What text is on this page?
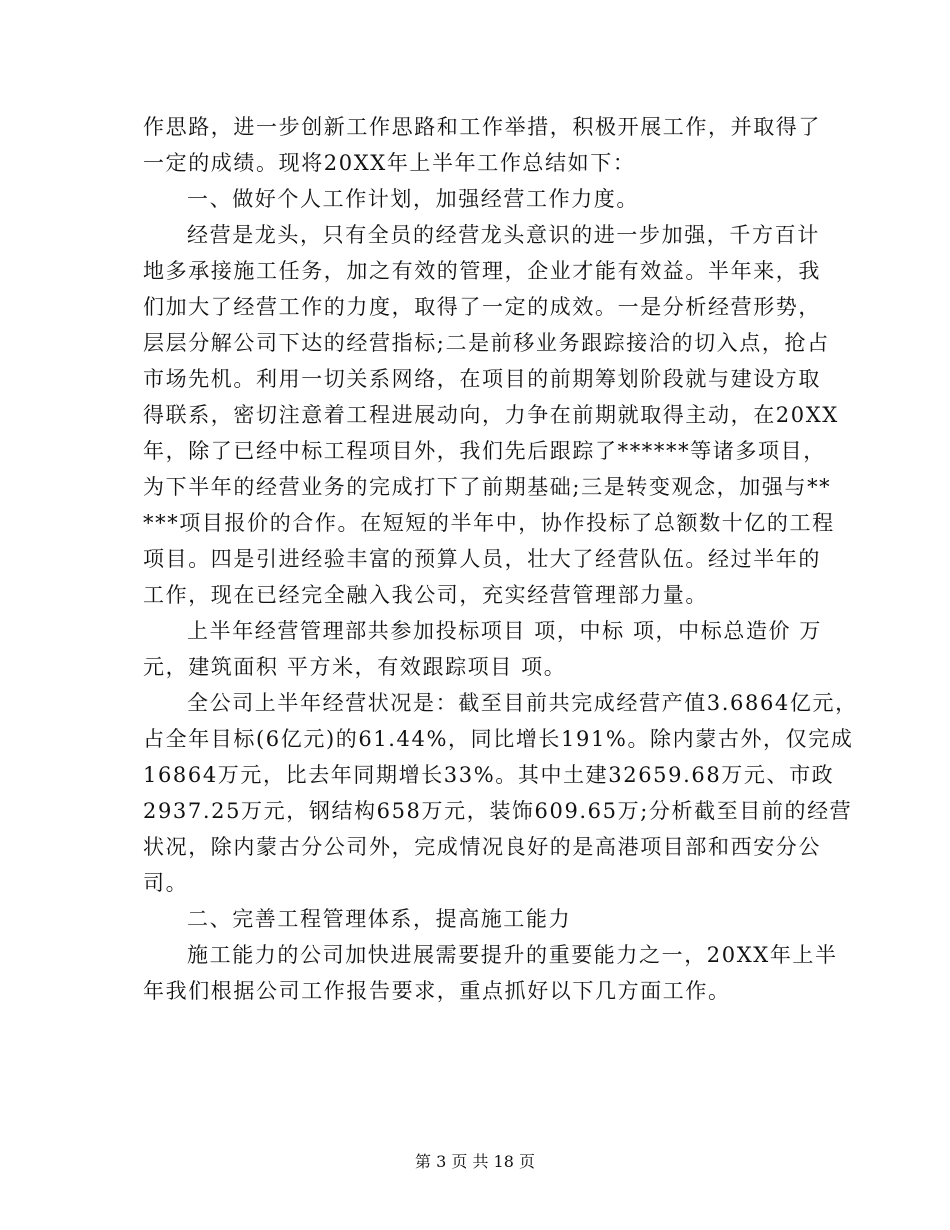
作思路，进一步创新工作思路和工作举措，积极开展工作，并取得了
一定的成绩。现将20XX年上半年工作总结如下：
一、做好个人工作计划，加强经营工作力度。
经营是龙头，只有全员的经营龙头意识的进一步加强，千方百计
地多承接施工任务，加之有效的管理，企业才能有效益。半年来，我
们加大了经营工作的力度，取得了一定的成效。一是分析经营形势，
层层分解公司下达的经营指标;二是前移业务跟踪接洽的切入点，抢占
市场先机。利用一切关系网络，在项目的前期筹划阶段就与建设方取
得联系，密切注意着工程进展动向，力争在前期就取得主动，在20XX
年，除了已经中标工程项目外，我们先后跟踪了******等诸多项目，
为下半年的经营业务的完成打下了前期基础;三是转变观念，加强与**
***项目报价的合作。在短短的半年中，协作投标了总额数十亿的工程
项目。四是引进经验丰富的预算人员，壮大了经营队伍。经过半年的
工作，现在已经完全融入我公司，充实经营管理部力量。
上半年经营管理部共参加投标项目 项，中标 项，中标总造价 万
元，建筑面积 平方米，有效跟踪项目 项。
全公司上半年经营状况是：截至目前共完成经营产值3.6864亿元，
占全年目标(6亿元)的61.44%，同比增长191%。除内蒙古外，仅完成
16864万元，比去年同期增长33%。其中土建32659.68万元、市政
2937.25万元，钢结构658万元，装饰609.65万;分析截至目前的经营
状况，除内蒙古分公司外，完成情况良好的是高港项目部和西安分公
司。
二、完善工程管理体系，提高施工能力
施工能力的公司加快进展需要提升的重要能力之一，20XX年上半
年我们根据公司工作报告要求，重点抓好以下几方面工作。
第 3 页 共 18 页
